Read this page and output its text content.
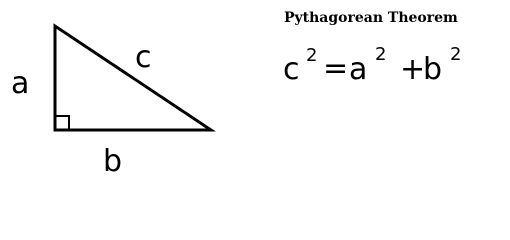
a
b
c
Pythagorean Theorem
c 2 = a 2 +
b 2
